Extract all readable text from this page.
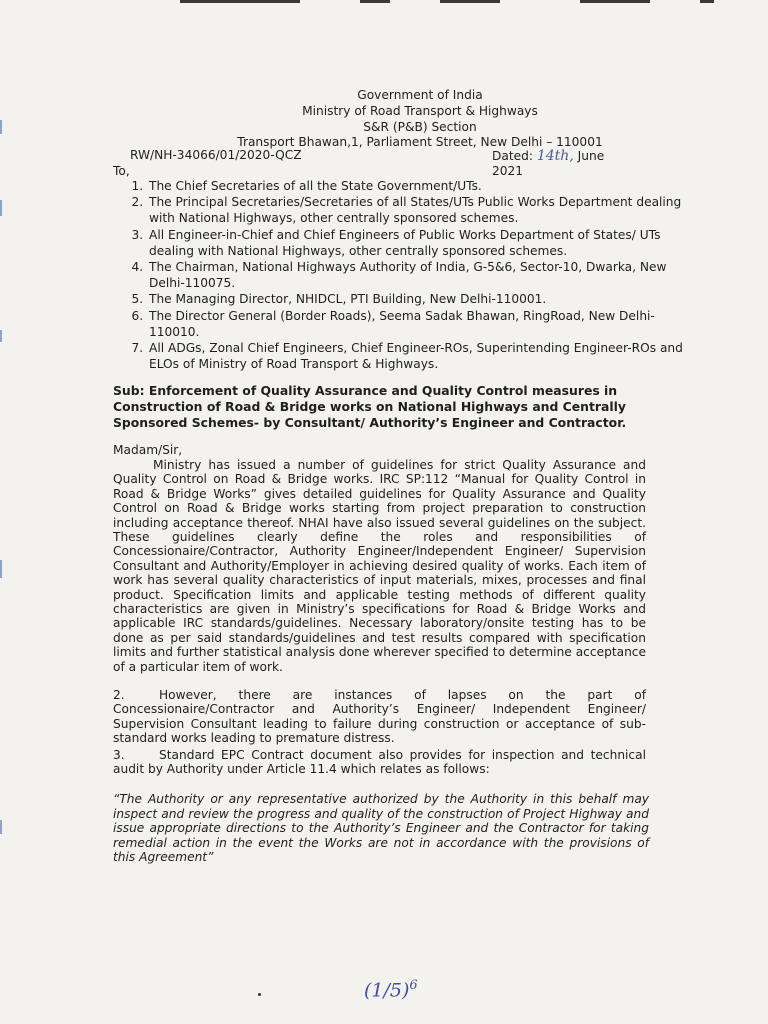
Government of India
Ministry of Road Transport & Highways
S&R (P&B) Section
Transport Bhawan,1, Parliament Street, New Delhi – 110001
RW/NH-34066/01/2020-QCZ	Dated: 14th, June 2021
To,
1. The Chief Secretaries of all the State Government/UTs.
2. The Principal Secretaries/Secretaries of all States/UTs Public Works Department dealing with National Highways, other centrally sponsored schemes.
3. All Engineer-in-Chief and Chief Engineers of Public Works Department of States/ UTs dealing with National Highways, other centrally sponsored schemes.
4. The Chairman, National Highways Authority of India, G-5&6, Sector-10, Dwarka, New Delhi-110075.
5. The Managing Director, NHIDCL, PTI Building, New Delhi-110001.
6. The Director General (Border Roads), Seema Sadak Bhawan, RingRoad, New Delhi-110010.
7. All ADGs, Zonal Chief Engineers, Chief Engineer-ROs, Superintending Engineer-ROs and ELOs of Ministry of Road Transport & Highways.
Sub: Enforcement of Quality Assurance and Quality Control measures in Construction of Road & Bridge works on National Highways and Centrally Sponsored Schemes- by Consultant/ Authority’s Engineer and Contractor.
Madam/Sir,

Ministry has issued a number of guidelines for strict Quality Assurance and Quality Control on Road & Bridge works. IRC SP:112 “Manual for Quality Control in Road & Bridge Works” gives detailed guidelines for Quality Assurance and Quality Control on Road & Bridge works starting from project preparation to construction including acceptance thereof. NHAI have also issued several guidelines on the subject. These guidelines clearly define the roles and responsibilities of Concessionaire/Contractor, Authority Engineer/Independent Engineer/ Supervision Consultant and Authority/Employer in achieving desired quality of works. Each item of work has several quality characteristics of input materials, mixes, processes and final product. Specification limits and applicable testing methods of different quality characteristics are given in Ministry’s specifications for Road & Bridge Works and applicable IRC standards/guidelines. Necessary laboratory/onsite testing has to be done as per said standards/guidelines and test results compared with specification limits and further statistical analysis done wherever specified to determine acceptance of a particular item of work.

2.	However, there are instances of lapses on the part of Concessionaire/Contractor and Authority’s Engineer/ Independent Engineer/ Supervision Consultant leading to failure during construction or acceptance of sub-standard works leading to premature distress.

3.	Standard EPC Contract document also provides for inspection and technical audit by Authority under Article 11.4 which relates as follows:

“The Authority or any representative authorized by the Authority in this behalf may inspect and review the progress and quality of the construction of Project Highway and issue appropriate directions to the Authority’s Engineer and the Contractor for taking remedial action in the event the Works are not in accordance with the provisions of this Agreement”

$(1/5)^6$
